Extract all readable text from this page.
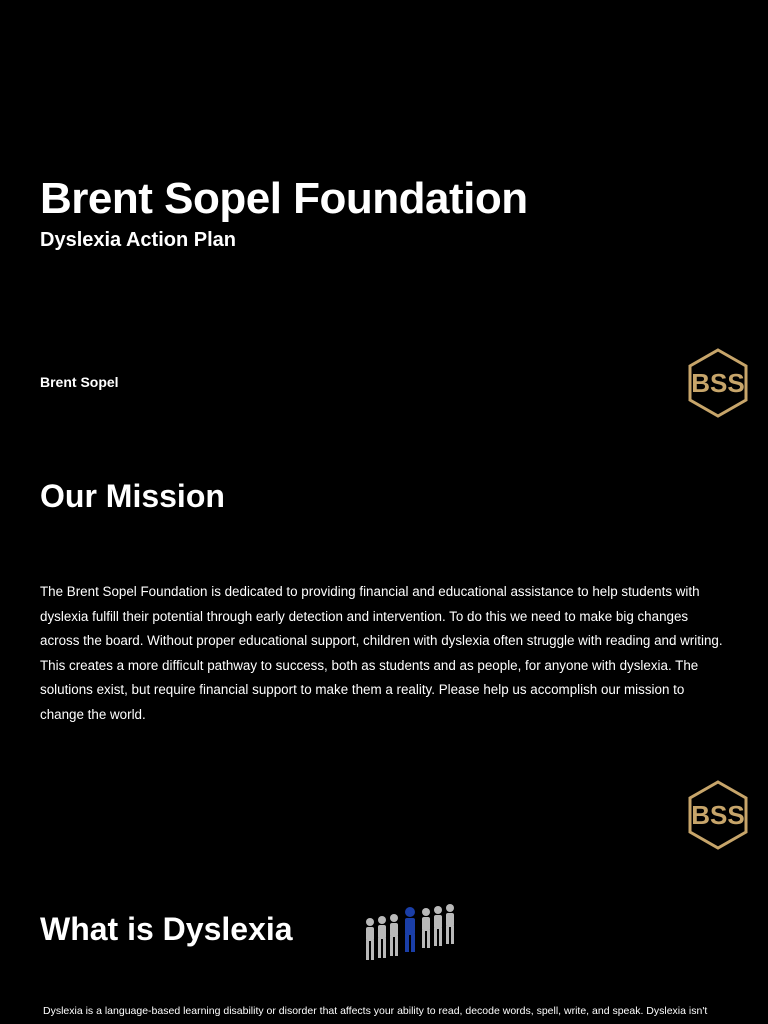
Brent Sopel Foundation
Dyslexia Action Plan

Brent Sopel	BSS
Our Mission

The Brent Sopel Foundation is dedicated to providing financial and educational assistance to help students with dyslexia fulfill their potential through early detection and intervention. To do this we need to make big changes across the board. Without proper educational support, children with dyslexia often struggle with reading and writing. This creates a more difficult pathway to success, both as students and as people, for anyone with dyslexia. The solutions exist, but require financial support to make them a reality. Please help us accomplish our mission to change the world.

BSS
What is Dyslexia

Dyslexia is a language-based learning disability or disorder that affects your ability to read, decode words, spell, write, and speak. Dyslexia isn't
